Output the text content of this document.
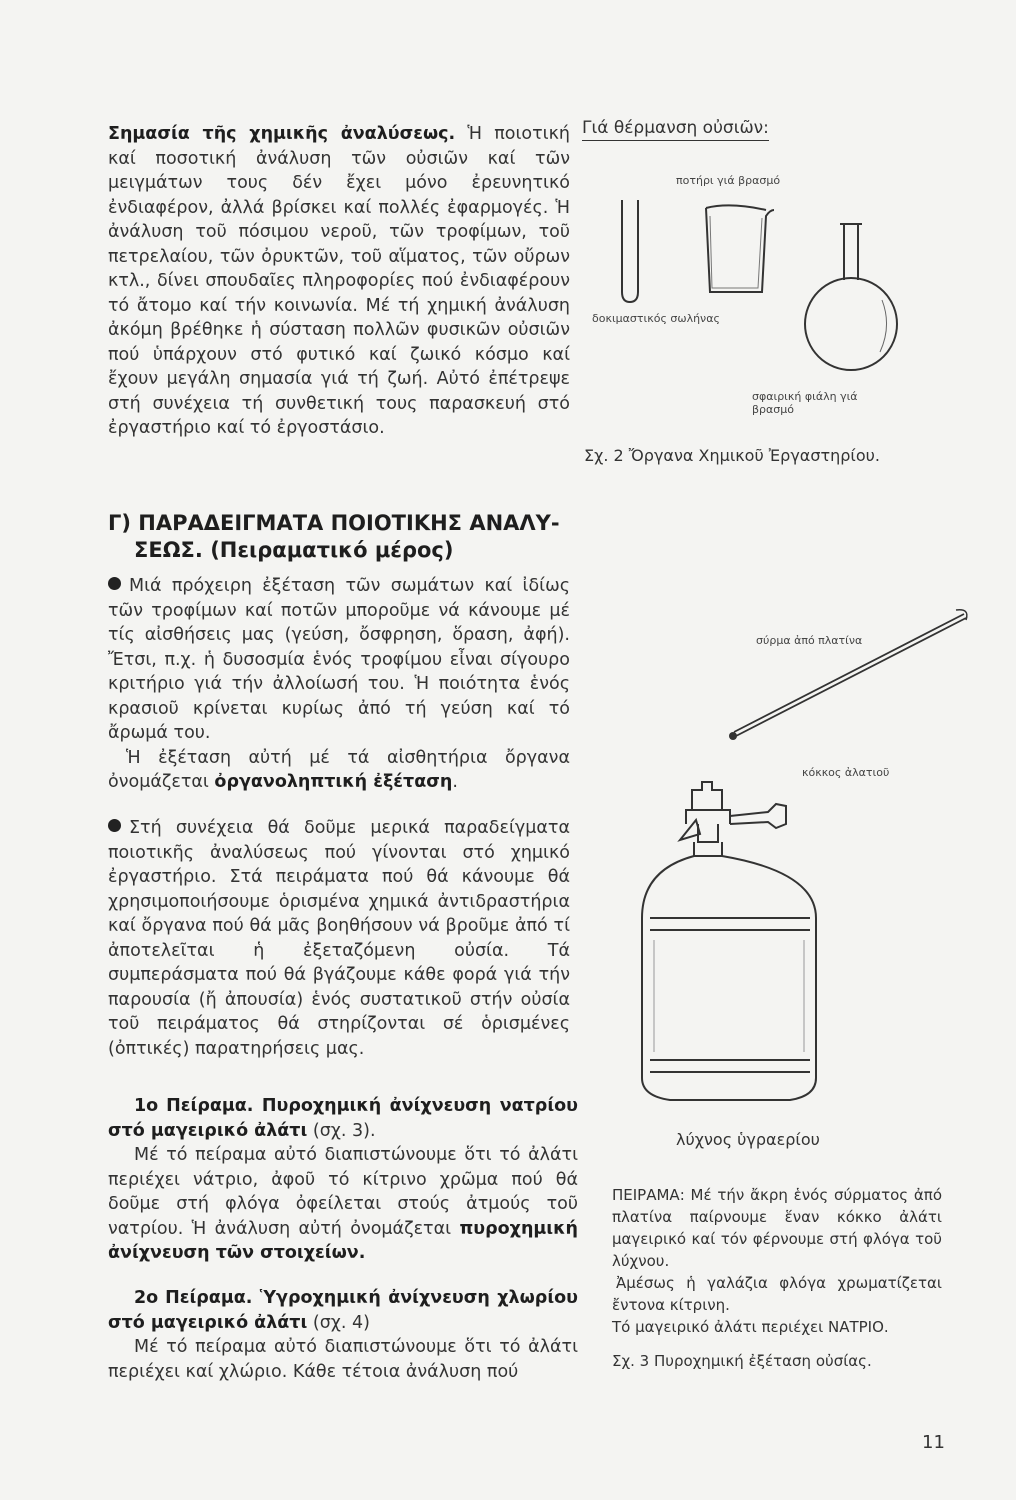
Σημασία τῆς χημικῆς ἀναλύσεως. Ἡ ποιοτική καί ποσοτική ἀνάλυση τῶν οὐσιῶν καί τῶν μειγμάτων τους δέν ἔχει μόνο ἐρευνητικό ἐνδιαφέρον, ἀλλά βρίσκει καί πολλές ἐφαρμογές. Ἡ ἀνάλυση τοῦ πόσιμου νεροῦ, τῶν τροφίμων, τοῦ πετρελαίου, τῶν ὀρυκτῶν, τοῦ αἵματος, τῶν οὔρων κτλ., δίνει σπουδαῖες πληροφορίες πού ἐνδιαφέρουν τό ἄτομο καί τήν κοινωνία. Μέ τή χημική ἀνάλυση ἀκόμη βρέθηκε ἡ σύσταση πολλῶν φυσικῶν οὐσιῶν πού ὑπάρχουν στό φυτικό καί ζωικό κόσμο καί ἔχουν μεγάλη σημασία γιά τή ζωή. Αὐτό ἐπέτρεψε στή συνέχεια τή συνθετική τους παρασκευή στό ἐργαστήριο καί τό ἐργοστάσιο.

Γ) ΠΑΡΑΔΕΙΓΜΑΤΑ ΠΟΙΟΤΙΚΗΣ ΑΝΑΛΥ-
ΣΕΩΣ. (Πειραματικό μέρος)

Μιά πρόχειρη ἐξέταση τῶν σωμάτων καί ἰδίως τῶν τροφίμων καί ποτῶν μποροῦμε νά κάνουμε μέ τίς αἰσθήσεις μας (γεύση, ὄσφρηση, ὅραση, ἀφή). Ἔτσι, π.χ. ἡ δυσοσμία ἑνός τροφίμου εἶναι σίγουρο κριτήριο γιά τήν ἀλλοίωσή του. Ἡ ποιότητα ἑνός κρασιοῦ κρίνεται κυρίως ἀπό τή γεύση καί τό ἄρωμά του.

Ἡ ἐξέταση αὐτή μέ τά αἰσθητήρια ὄργανα ὀνομάζεται ὀργανοληπτική ἐξέταση.

Στή συνέχεια θά δοῦμε μερικά παραδείγματα ποιοτικῆς ἀναλύσεως πού γίνονται στό χημικό ἐργαστήριο. Στά πειράματα πού θά κάνουμε θά χρησιμοποιήσουμε ὁρισμένα χημικά ἀντιδραστήρια καί ὄργανα πού θά μᾶς βοηθήσουν νά βροῦμε ἀπό τί ἀποτελεῖται ἡ ἐξεταζόμενη οὐσία. Τά συμπεράσματα πού θά βγάζουμε κάθε φορά γιά τήν παρουσία (ἤ ἀπουσία) ἑνός συστατικοῦ στήν οὐσία τοῦ πειράματος θά στηρίζονται σέ ὁρισμένες (ὀπτικές) παρατηρήσεις μας.

1ο Πείραμα. Πυροχημική ἀνίχνευση νατρίου στό μαγειρικό ἀλάτι (σχ. 3).

Μέ τό πείραμα αὐτό διαπιστώνουμε ὅτι τό ἀλάτι περιέχει νάτριο, ἀφοῦ τό κίτρινο χρῶμα πού θά δοῦμε στή φλόγα ὀφείλεται στούς ἀτμούς τοῦ νατρίου. Ἡ ἀνάλυση αὐτή ὀνομάζεται πυροχημική ἀνίχνευση τῶν στοιχείων.

2ο Πείραμα. Ὑγροχημική ἀνίχνευση χλωρίου στό μαγειρικό ἀλάτι (σχ. 4)

Μέ τό πείραμα αὐτό διαπιστώνουμε ὅτι τό ἀλάτι περιέχει καί χλώριο. Κάθε τέτοια ἀνάλυση πού

Γιά θέρμανση οὐσιῶν:
ποτήρι γιά βρασμό
δοκιμαστικός σωλήνας
σφαιρική φιάλη γιά βρασμό
Σχ. 2 Ὄργανα Χημικοῦ Ἐργαστηρίου.
σύρμα ἀπό πλατίνα
κόκκος ἀλατιοῦ
λύχνος ὑγραερίου
ΠΕΙΡΑΜΑ: Μέ τήν ἄκρη ἑνός σύρματος ἀπό πλατίνα παίρνουμε ἕναν κόκκο ἀλάτι μαγειρικό καί τόν φέρνουμε στή φλόγα τοῦ λύχνου.
Ἀμέσως ἡ γαλάζια φλόγα χρωματίζεται ἔντονα κίτρινη.
Τό μαγειρικό ἀλάτι περιέχει ΝΑΤΡΙΟ.
Σχ. 3 Πυροχημική ἐξέταση οὐσίας.
11
